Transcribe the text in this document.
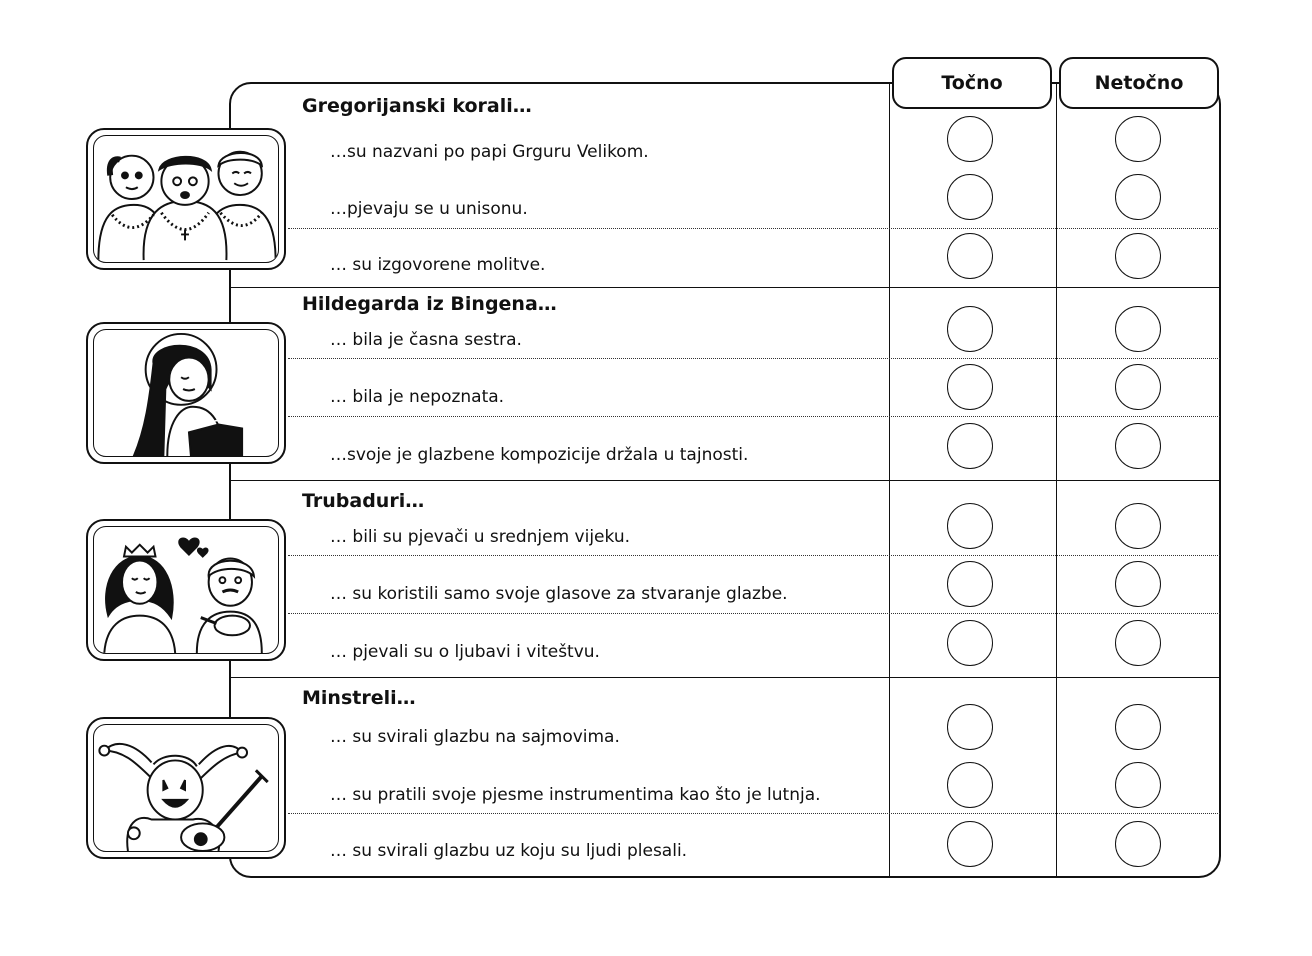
Točno	Netočno
Gregorijanski korali…
…su nazvani po papi Grguru Velikom.
…pjevaju se u unisonu.
… su izgovorene molitve.
Hildegarda iz Bingena…
… bila je časna sestra.
… bila je nepoznata.
…svoje je glazbene kompozicije držala u tajnosti.
Trubaduri…
… bili su pjevači u srednjem vijeku.
… su koristili samo svoje glasove za stvaranje glazbe.
… pjevali su o ljubavi i viteštvu.
Minstreli…
… su svirali glazbu na sajmovima.
… su pratili svoje pjesme instrumentima kao što je lutnja.
… su svirali glazbu uz koju su ljudi plesali.
